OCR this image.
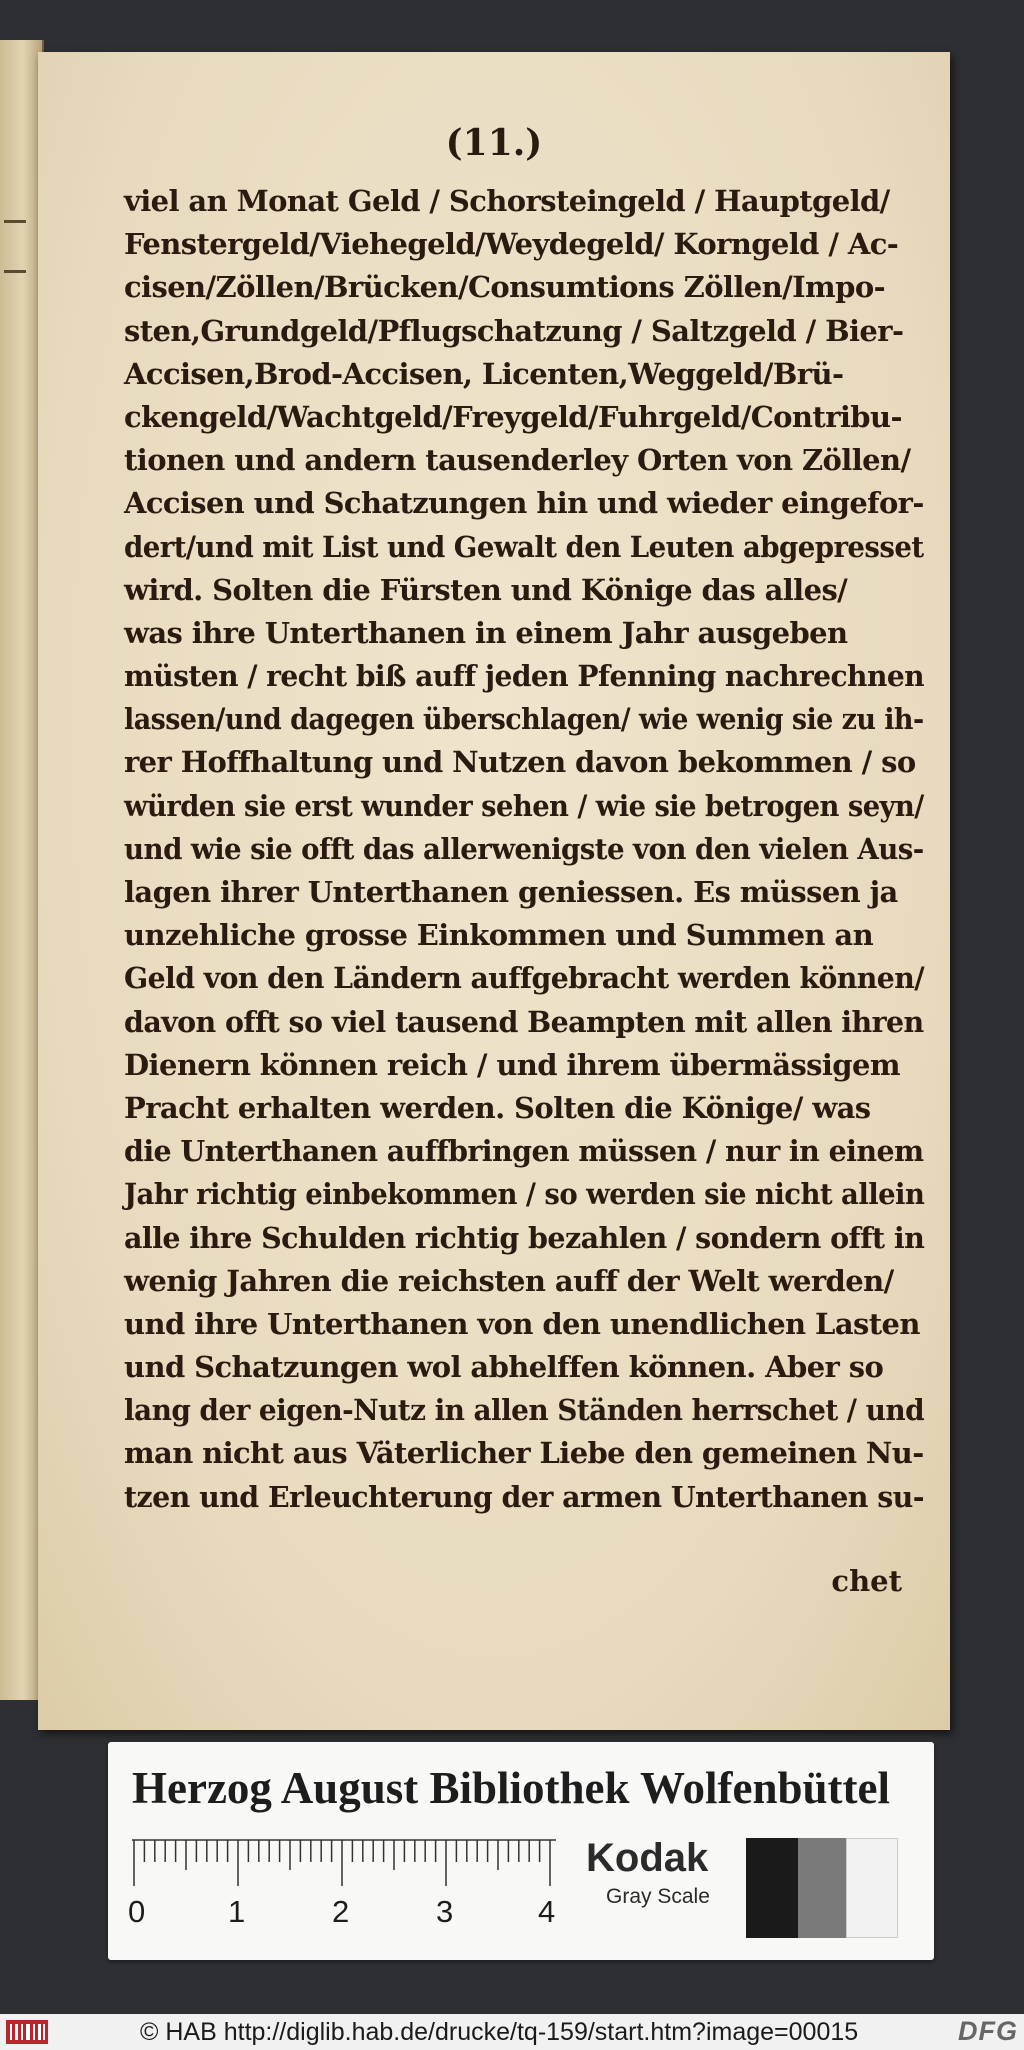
(11.)
viel an Monat Geld / Schorsteingeld / Hauptgeld/
Fenstergeld/Viehegeld/Weydegeld/ Korngeld / Ac-
cisen/Zöllen/Brücken/Consumtions Zöllen/Impo-
sten,Grundgeld/Pflugschatzung / Saltzgeld / Bier-
Accisen,Brod-Accisen, Licenten,Weggeld/Brü-
ckengeld/Wachtgeld/Freygeld/Fuhrgeld/Contribu-
tionen und andern tausenderley Orten von Zöllen/
Accisen und Schatzungen hin und wieder eingefor-
dert/und mit List und Gewalt den Leuten abgepresset
wird. Solten die Fürsten und Könige das alles/
was ihre Unterthanen in einem Jahr ausgeben
müsten / recht biß auff jeden Pfenning nachrechnen
lassen/und dagegen überschlagen/ wie wenig sie zu ih-
rer Hoffhaltung und Nutzen davon bekommen / so
würden sie erst wunder sehen / wie sie betrogen seyn/
und wie sie offt das allerwenigste von den vielen Aus-
lagen ihrer Unterthanen geniessen. Es müssen ja
unzehliche grosse Einkommen und Summen an
Geld von den Ländern auffgebracht werden können/
davon offt so viel tausend Beampten mit allen ihren
Dienern können reich / und ihrem übermässigem
Pracht erhalten werden. Solten die Könige/ was
die Unterthanen auffbringen müssen / nur in einem
Jahr richtig einbekommen / so werden sie nicht allein
alle ihre Schulden richtig bezahlen / sondern offt in
wenig Jahren die reichsten auff der Welt werden/
und ihre Unterthanen von den unendlichen Lasten
und Schatzungen wol abhelffen können. Aber so
lang der eigen-Nutz in allen Ständen herrschet / und
man nicht aus Väterlicher Liebe den gemeinen Nu-
tzen und Erleuchterung der armen Unterthanen su-
chet
Herzog August Bibliothek Wolfenbüttel
0	1	2	3	4
Kodak
Gray Scale
© HAB http://diglib.hab.de/drucke/tq-159/start.htm?image=00015	DFG
